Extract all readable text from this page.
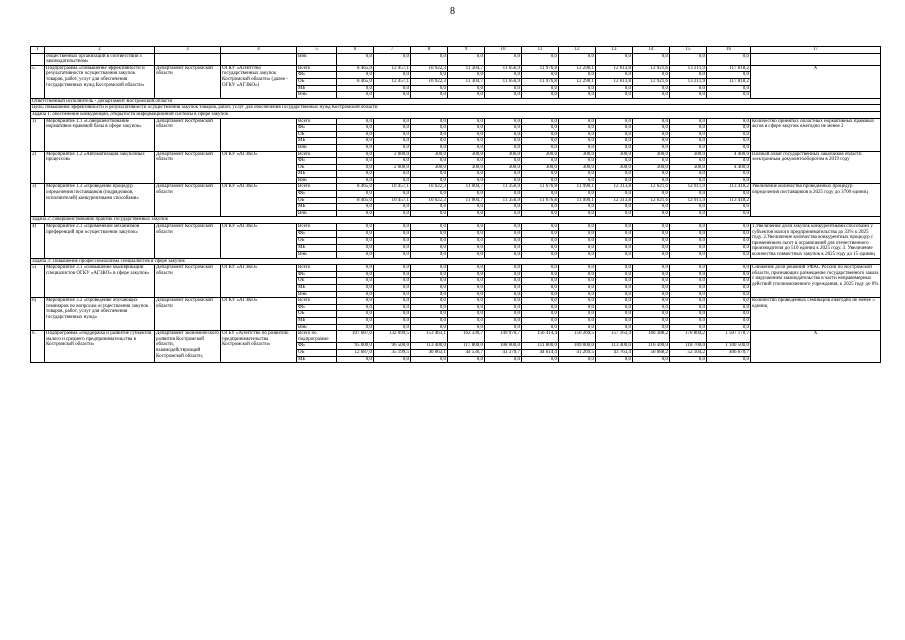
8
1	2	3	4	5	6	7	8	9	10	11	12	13	14	15	16	17
	общественных организаций в соответствии с законодательством»			ВнБ	0,0	0,0	0,0	0,0	0,0	0,0	0,0	0,0	0,0	0,0	0,0	
5.	Подпрограмма «Повышение эффективности и результативности осуществления закупок товаров, работ, услуг для обеспечения государственных нужд Костромской области»	Департамент Костромской области	ОГКУ «Агентство государственных закупок Костромской области» (далее - ОГКУ «АГЗКО»)	Всего	8 465,0	12 457,1	10 922,3	11 304,7	11 656,9	11 976,8	12 290,1	12 613,8	12 921,6	13 211,9	117 818,2	Х
				ФБ	0,0	0,0	0,0	0,0	0,0	0,0	0,0	0,0	0,0	0,0	0,0	
				ОБ	8 465,0	12 457,1	10 922,3	11 304,7	11 656,9	11 976,8	12 290,1	12 613,8	12 921,6	13 211,9	117 818,2	
				МБ	0,0	0,0	0,0	0,0	0,0	0,0	0,0	0,0	0,0	0,0	0,0	
				ВнБ	0,0	0,0	0,0	0,0	0,0	0,0	0,0	0,0	0,0	0,0	0,0	
Ответственный исполнитель - Департамент Костромской области																
Цель: повышение эффективности и результативности осуществления закупок товаров, работ, услуг для обеспечения государственных нужд Костромской области																
Задача 1: обеспечение конкуренции, открытости информационной системы в сфере закупок																
1)	Мероприятие 1.1 «Совершенствование нормативно-правовой базы в сфере закупок»	Департамент Костромской области		Всего	0,0	0,0	0,0	0,0	0,0	0,0	0,0	0,0	0,0	0,0	0,0	Количество принятых областных нормативных правовых актов в сфере закупок ежегодно не менее 2
				ФБ	0,0	0,0	0,0	0,0	0,0	0,0	0,0	0,0	0,0	0,0	0,0	
				ОБ	0,0	0,0	0,0	0,0	0,0	0,0	0,0	0,0	0,0	0,0	0,0	
				МБ	0,0	0,0	0,0	0,0	0,0	0,0	0,0	0,0	0,0	0,0	0,0	
				ВнБ	0,0	0,0	0,0	0,0	0,0	0,0	0,0	0,0	0,0	0,0	0,0	
2)	Мероприятие 1.2 «Автоматизация закупочных процессов»	Департамент Костромской области	ОГКУ «АГЗКО»	Всего	0,0	2 000,0	300,0	300,0	300,0	300,0	300,0	300,0	300,0	300,0	4 400,0	Полный охват государственных заказчиков области электронным документооборотом в 2019 году
				ФБ	0,0	0,0	0,0	0,0	0,0	0,0	0,0	0,0	0,0	0,0	0,0	
				ОБ	0,0	2 000,0	300,0	300,0	300,0	300,0	300,0	300,0	300,0	300,0	4 400,0	
				МБ	0,0	0,0	0,0	0,0	0,0	0,0	0,0	0,0	0,0	0,0	0,0	
				ВнБ	0,0	0,0	0,0	0,0	0,0	0,0	0,0	0,0	0,0	0,0	0,0	
3)	Мероприятие 1.3 «Проведение процедур определения поставщиков (подрядчиков, исполнителей) конкурентными способами»	Департамент Костромской области	ОГКУ «АГЗКО»	Всего	8 465,0	10 457,1	10 622,3	11 004,7	11 356,9	11 676,8	11 990,1	12 313,8	12 621,6	12 911,9	113 418,2	Увеличение количества проведенных процедур определения поставщиков в 2025 году до 3700 единиц
				ФБ	0,0	0,0	0,0	0,0	0,0	0,0	0,0	0,0	0,0	0,0	0,0	
				ОБ	8 465,0	10 457,1	10 622,3	11 004,7	11 356,9	11 676,8	11 990,1	12 313,8	12 621,6	12 911,9	113 418,2	
				МБ	0,0	0,0	0,0	0,0	0,0	0,0	0,0	0,0	0,0	0,0	0,0	
				ВнБ	0,0	0,0	0,0	0,0	0,0	0,0	0,0	0,0	0,0	0,0	0,0	
Задача 2: совершенствование практик государственных закупок																
4)	Мероприятие 2.1 «Применение механизмов преференций при осуществлении закупок»	Департамент Костромской области	ОГКУ «АГЗКО»	Всего	0,0	0,0	0,0	0,0	0,0	0,0	0,0	0,0	0,0	0,0	0,0	1.Увеличение доли закупок конкурентными способами у субъектов малого предпринимательства до 33% к 2025 году. 2.Увеличение количества конкурентных процедур с применением льгот и ограничений для отечественного производителя до 510 единиц к 2025 году. 3. Увеличение количества совместных закупок к 2025 году до 15 единиц
				ФБ	0,0	0,0	0,0	0,0	0,0	0,0	0,0	0,0	0,0	0,0	0,0	
				ОБ	0,0	0,0	0,0	0,0	0,0	0,0	0,0	0,0	0,0	0,0	0,0	
				МБ	0,0	0,0	0,0	0,0	0,0	0,0	0,0	0,0	0,0	0,0	0,0	
				ВнБ	0,0	0,0	0,0	0,0	0,0	0,0	0,0	0,0	0,0	0,0	0,0	
Задача 3: Повышение профессионализма специалистов в сфере закупок																
5)	Мероприятие 3.1 «Повышение квалификации специалистов ОГКУ «АГЗКО» в сфере закупок»	Департамент Костромской области	ОГКУ «АГЗКО»	Всего	0,0	0,0	0,0	0,0	0,0	0,0	0,0	0,0	0,0	0,0	0,0	Снижение доли решений УФАС России по Костромской области, признающих размещение государственного заказа с нарушением законодательства в части неправомерных действий уполномоченного учреждения, к 2025 году до 0%
				ФБ	0,0	0,0	0,0	0,0	0,0	0,0	0,0	0,0	0,0	0,0	0,0	
				ОБ	0,0	0,0	0,0	0,0	0,0	0,0	0,0	0,0	0,0	0,0	0,0	
				МБ	0,0	0,0	0,0	0,0	0,0	0,0	0,0	0,0	0,0	0,0	0,0	
				ВнБ	0,0	0,0	0,0	0,0	0,0	0,0	0,0	0,0	0,0	0,0	0,0	
6)	Мероприятие 3.2 «Проведение обучающих семинаров по вопросам осуществления закупок товаров, работ, услуг для обеспечения государственных нужд»	Департамент Костромской области	ОГКУ «АГЗКО»	Всего	0,0	0,0	0,0	0,0	0,0	0,0	0,0	0,0	0,0	0,0	0,0	Количество проведенных семинаров ежегодно не менее 5 единиц
				ФБ	0,0	0,0	0,0	0,0	0,0	0,0	0,0	0,0	0,0	0,0	0,0	
				ОБ	0,0	0,0	0,0	0,0	0,0	0,0	0,0	0,0	0,0	0,0	0,0	
				МБ	0,0	0,0	0,0	0,0	0,0	0,0	0,0	0,0	0,0	0,0	0,0	
				ВнБ	0,0	0,0	0,0	0,0	0,0	0,0	0,0	0,0	0,0	0,0	0,0	
6.	Подпрограмма «Поддержка и развитие субъектов малого и среднего предпринимательства в Костромской области»	Департамент экономического развития Костромской области, взаимодействующий Костромской области,	ОГБУ «Агентство по развитию предпринимательства Костромской области»	Всего по подпрограмме	107 687,0	132 099,5	153 463,1	162 330,7	149 970,7	156 414,4	150 269,5	157 163,4	166 388,2	170 804,2	1 507 170,7	Х
				ФБ	95 000,0	96 500,0	113 400,0	117 800,0	108 600,0	111 800,0	109 000,0	113 400,0	116 300,0	118 700,0	1 100 500,0	
				ОБ	12 687,0	35 199,5	40 063,1	44 530,7	41 370,7	44 614,4	41 269,5	43 763,4	50 088,2	52 104,2	406 670,7	
				МБ	0,0	0,0	0,0	0,0	0,0	0,0	0,0	0,0	0,0	0,0	0,0	
